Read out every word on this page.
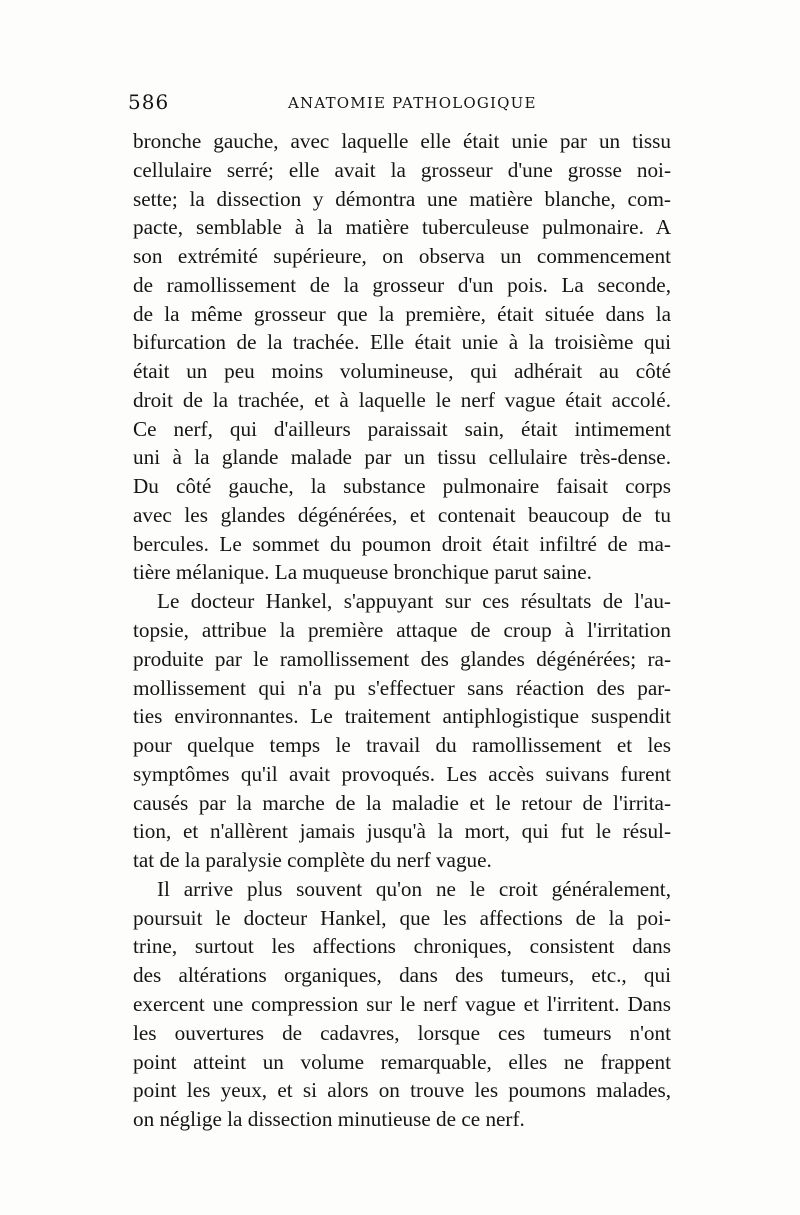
586	ANATOMIE PATHOLOGIQUE

bronche gauche, avec laquelle elle était unie par un tissu
cellulaire serré; elle avait la grosseur d'une grosse noi-
sette; la dissection y démontra une matière blanche, com-
pacte, semblable à la matière tuberculeuse pulmonaire. A
son extrémité supérieure, on observa un commencement
de ramollissement de la grosseur d'un pois. La seconde,
de la même grosseur que la première, était située dans la
bifurcation de la trachée. Elle était unie à la troisième qui
était un peu moins volumineuse, qui adhérait au côté
droit de la trachée, et à laquelle le nerf vague était accolé.
Ce nerf, qui d'ailleurs paraissait sain, était intimement
uni à la glande malade par un tissu cellulaire très-dense.
Du côté gauche, la substance pulmonaire faisait corps
avec les glandes dégénérées, et contenait beaucoup de tu
bercules. Le sommet du poumon droit était infiltré de ma-
tière mélanique. La muqueuse bronchique parut saine.

Le docteur Hankel, s'appuyant sur ces résultats de l'au-
topsie, attribue la première attaque de croup à l'irritation
produite par le ramollissement des glandes dégénérées; ra-
mollissement qui n'a pu s'effectuer sans réaction des par-
ties environnantes. Le traitement antiphlogistique suspendit
pour quelque temps le travail du ramollissement et les
symptômes qu'il avait provoqués. Les accès suivans furent
causés par la marche de la maladie et le retour de l'irrita-
tion, et n'allèrent jamais jusqu'à la mort, qui fut le résul-
tat de la paralysie complète du nerf vague.

Il arrive plus souvent qu'on ne le croit généralement,
poursuit le docteur Hankel, que les affections de la poi-
trine, surtout les affections chroniques, consistent dans
des altérations organiques, dans des tumeurs, etc., qui
exercent une compression sur le nerf vague et l'irritent. Dans
les ouvertures de cadavres, lorsque ces tumeurs n'ont
point atteint un volume remarquable, elles ne frappent
point les yeux, et si alors on trouve les poumons malades,
on néglige la dissection minutieuse de ce nerf.
